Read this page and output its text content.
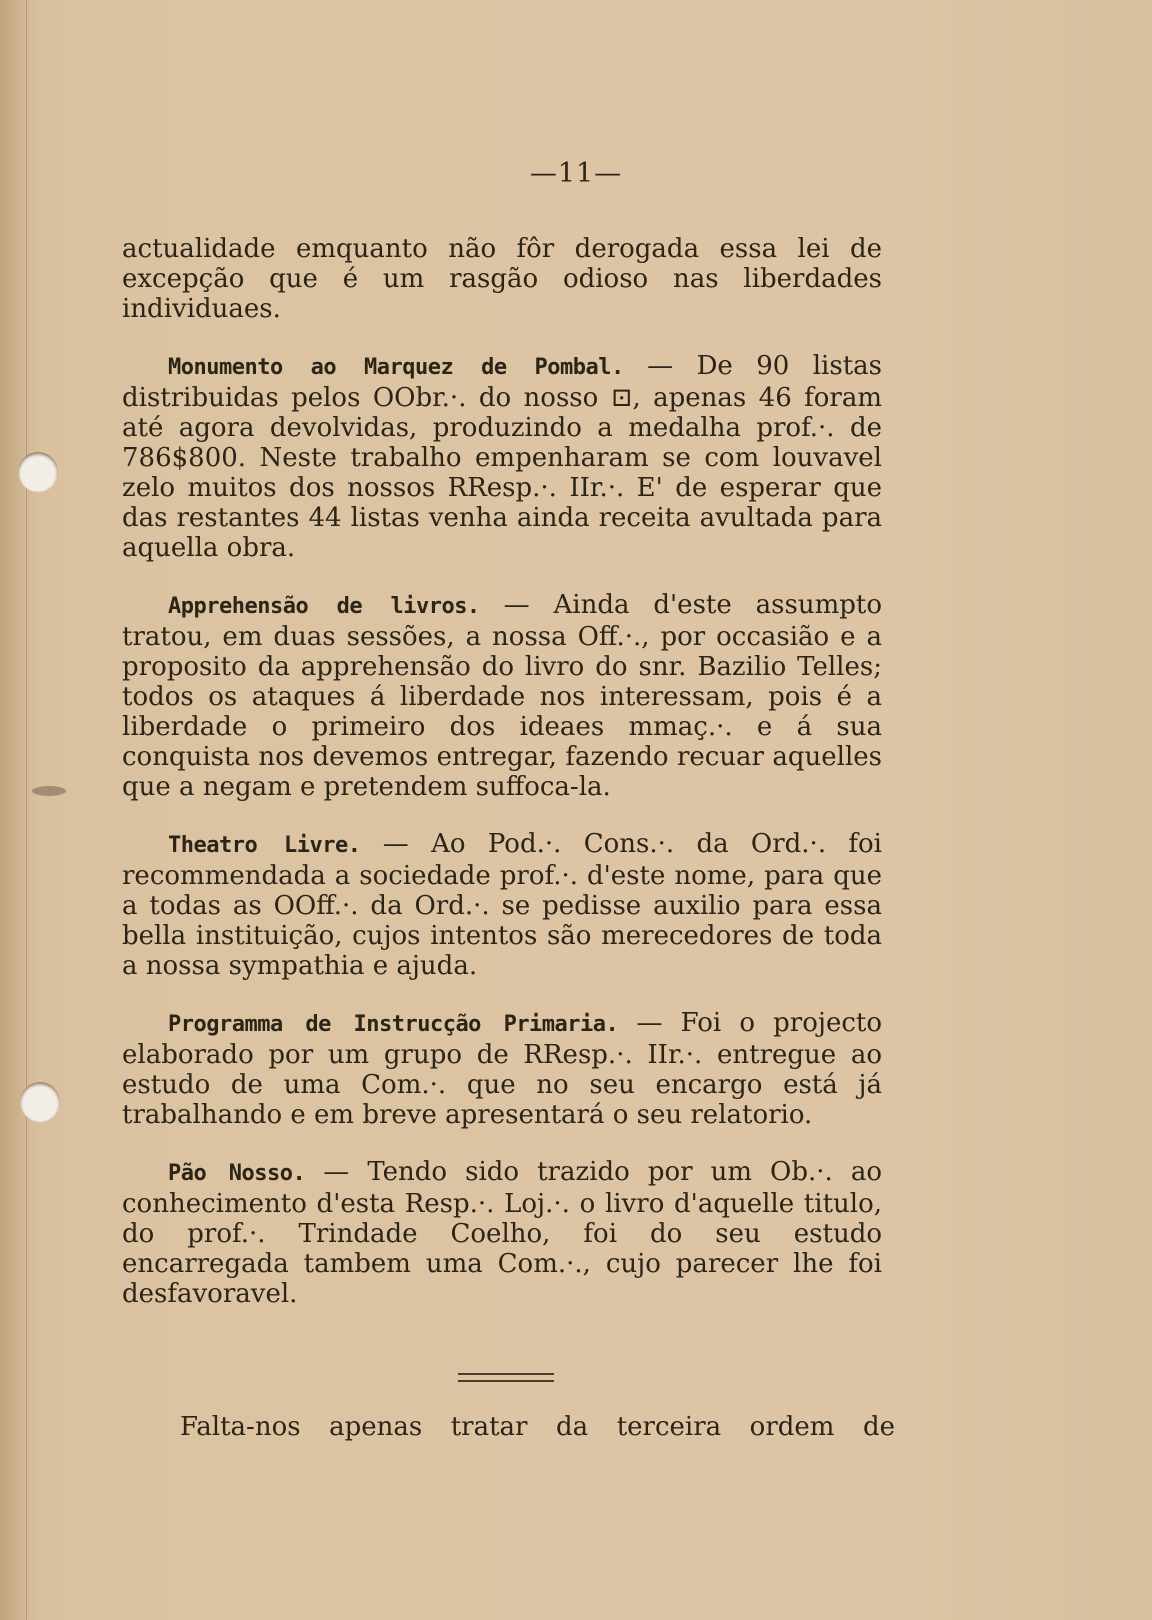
—11—

actualidade emquanto não fôr derogada essa lei de excepção que é um rasgão odioso nas liberdades individuaes.

Monumento ao Marquez de Pombal. — De 90 listas distribuidas pelos OObr.·. do nosso ⊡, apenas 46 foram até agora devolvidas, produzindo a medalha prof.·. de 786$800. Neste trabalho empenharam se com louvavel zelo muitos dos nossos RResp.·. IIr.·. E' de esperar que das restantes 44 listas venha ainda receita avultada para aquella obra.

Apprehensão de livros. — Ainda d'este assumpto tratou, em duas sessões, a nossa Off.·., por occasião e a proposito da apprehensão do livro do snr. Bazilio Telles; todos os ataques á liberdade nos interessam, pois é a liberdade o primeiro dos ideaes mmaç.·. e á sua conquista nos devemos entregar, fazendo recuar aquelles que a negam e pretendem suffoca-la.

Theatro Livre. — Ao Pod.·. Cons.·. da Ord.·. foi recommendada a sociedade prof.·. d'este nome, para que a todas as OOff.·. da Ord.·. se pedisse auxilio para essa bella instituição, cujos intentos são merecedores de toda a nossa sympathia e ajuda.

Programma de Instrucção Primaria. — Foi o projecto elaborado por um grupo de RResp.·. IIr.·. entregue ao estudo de uma Com.·. que no seu encargo está já trabalhando e em breve apresentará o seu relatorio.

Pão Nosso. — Tendo sido trazido por um Ob.·. ao conhecimento d'esta Resp.·. Loj.·. o livro d'aquelle titulo, do prof.·. Trindade Coelho, foi do seu estudo encarregada tambem uma Com.·., cujo parecer lhe foi desfavoravel.

Falta-nos apenas tratar da terceira ordem de
